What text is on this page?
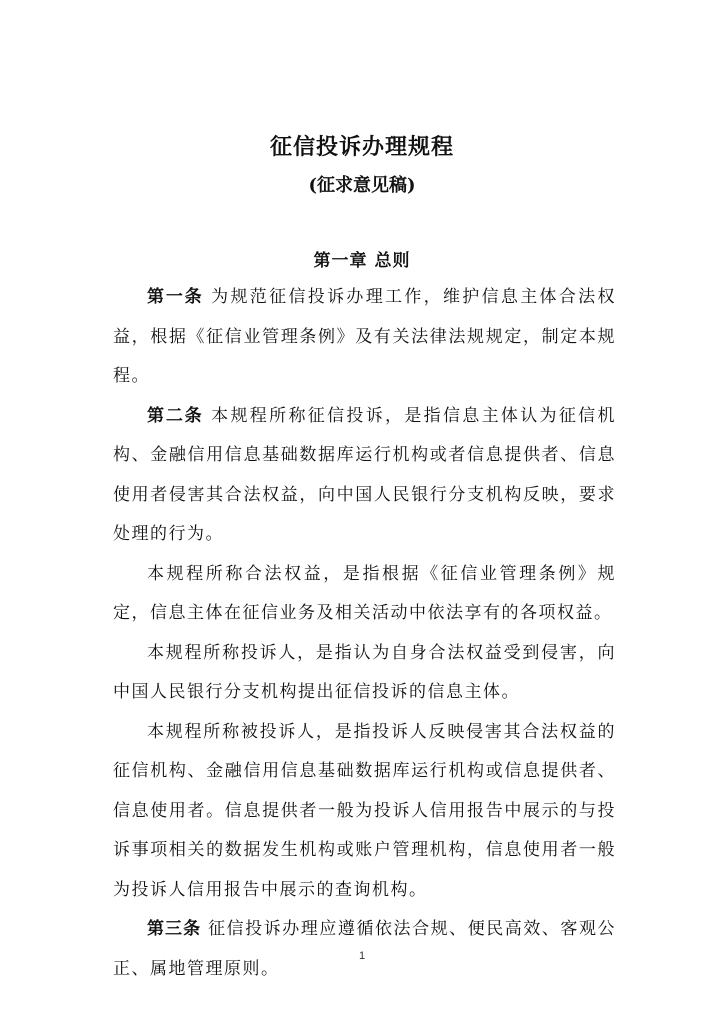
征信投诉办理规程
(征求意见稿)
第一章 总则

第一条 为规范征信投诉办理工作，维护信息主体合法权益，根据《征信业管理条例》及有关法律法规规定，制定本规程。

第二条 本规程所称征信投诉，是指信息主体认为征信机构、金融信用信息基础数据库运行机构或者信息提供者、信息使用者侵害其合法权益，向中国人民银行分支机构反映，要求处理的行为。

本规程所称合法权益，是指根据《征信业管理条例》规定，信息主体在征信业务及相关活动中依法享有的各项权益。

本规程所称投诉人，是指认为自身合法权益受到侵害，向中国人民银行分支机构提出征信投诉的信息主体。

本规程所称被投诉人，是指投诉人反映侵害其合法权益的征信机构、金融信用信息基础数据库运行机构或信息提供者、信息使用者。信息提供者一般为投诉人信用报告中展示的与投诉事项相关的数据发生机构或账户管理机构，信息使用者一般为投诉人信用报告中展示的查询机构。

第三条 征信投诉办理应遵循依法合规、便民高效、客观公正、属地管理原则。

1
